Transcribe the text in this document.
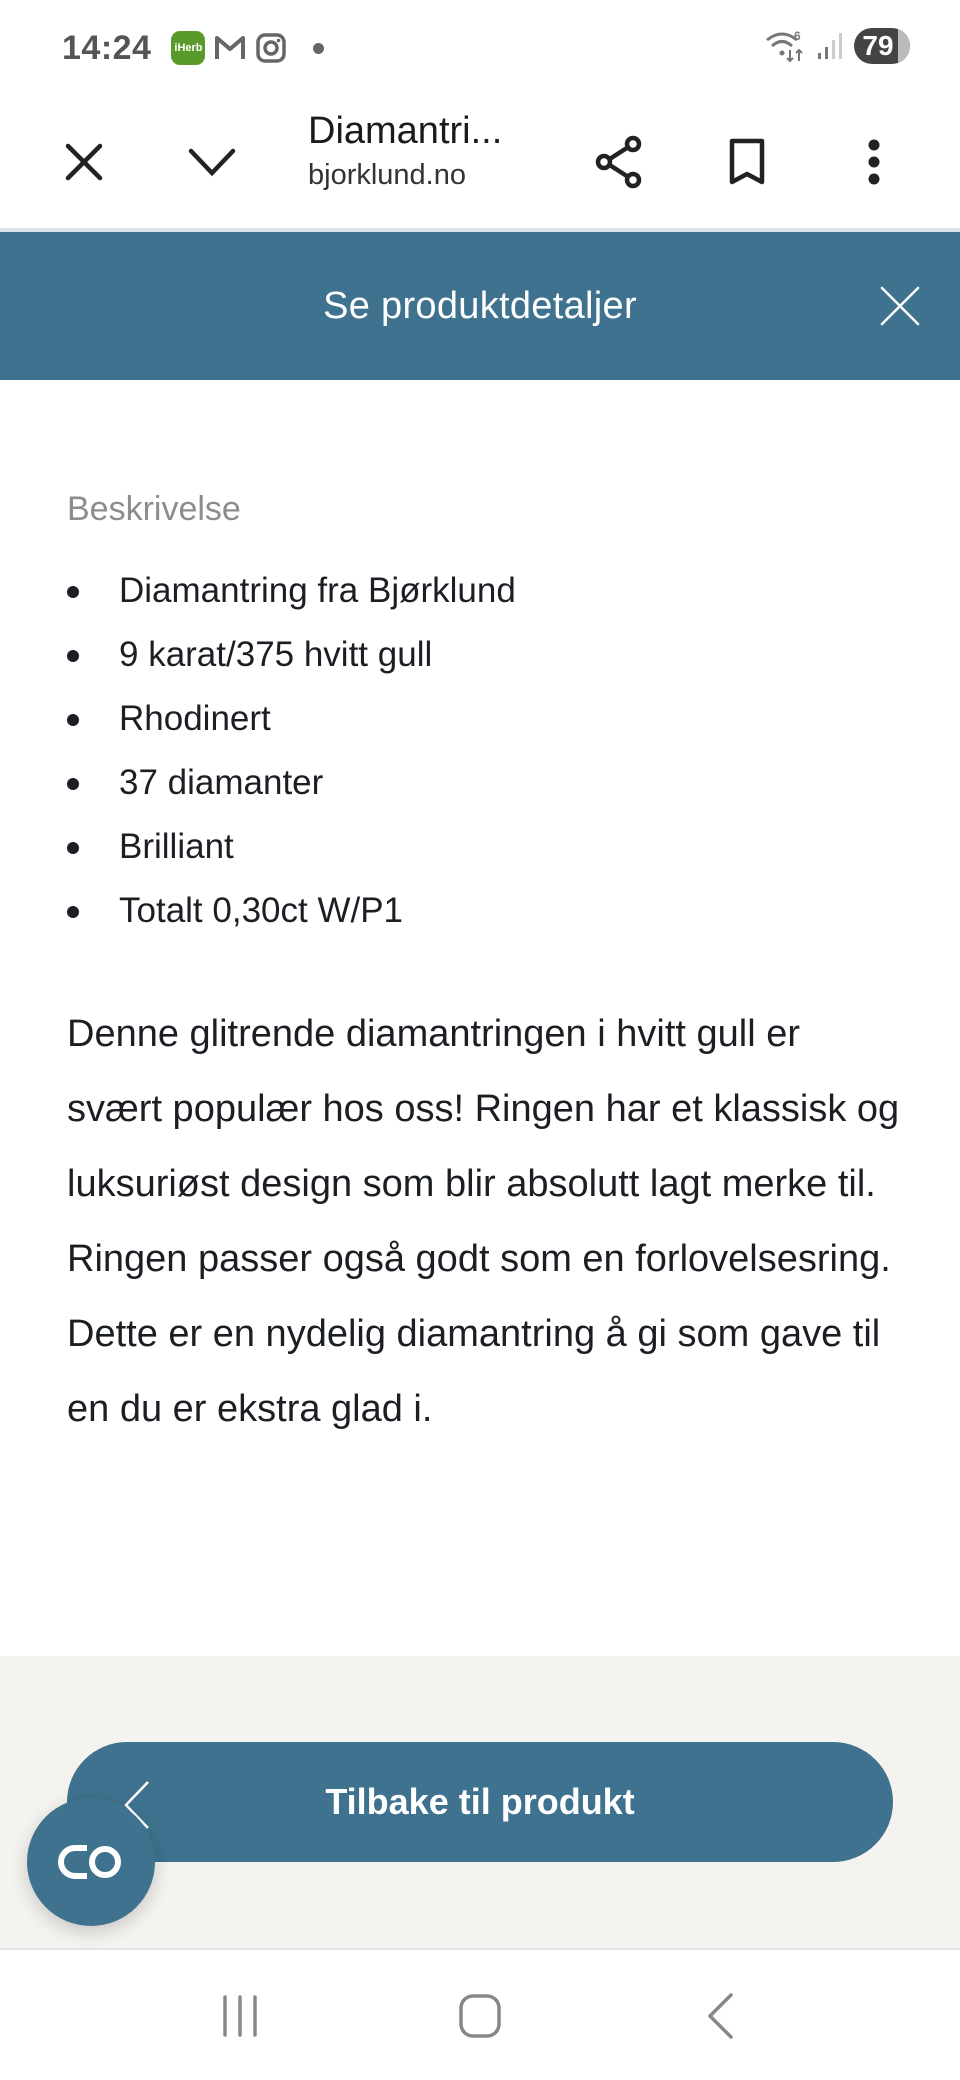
14:24 iHerb
6 79
Diamantri...
bjorklund.no
Se produktdetaljer
Beskrivelse
Diamantring fra Bjørklund
9 karat/375 hvitt gull
Rhodinert
37 diamanter
Brilliant
Totalt 0,30ct W/P1

Denne glitrende diamantringen i hvitt gull er svært populær hos oss! Ringen har et klassisk og luksuriøst design som blir absolutt lagt merke til. Ringen passer også godt som en forlovelsesring. Dette er en nydelig diamantring å gi som gave til en du er ekstra glad i.

Tilbake til produkt
